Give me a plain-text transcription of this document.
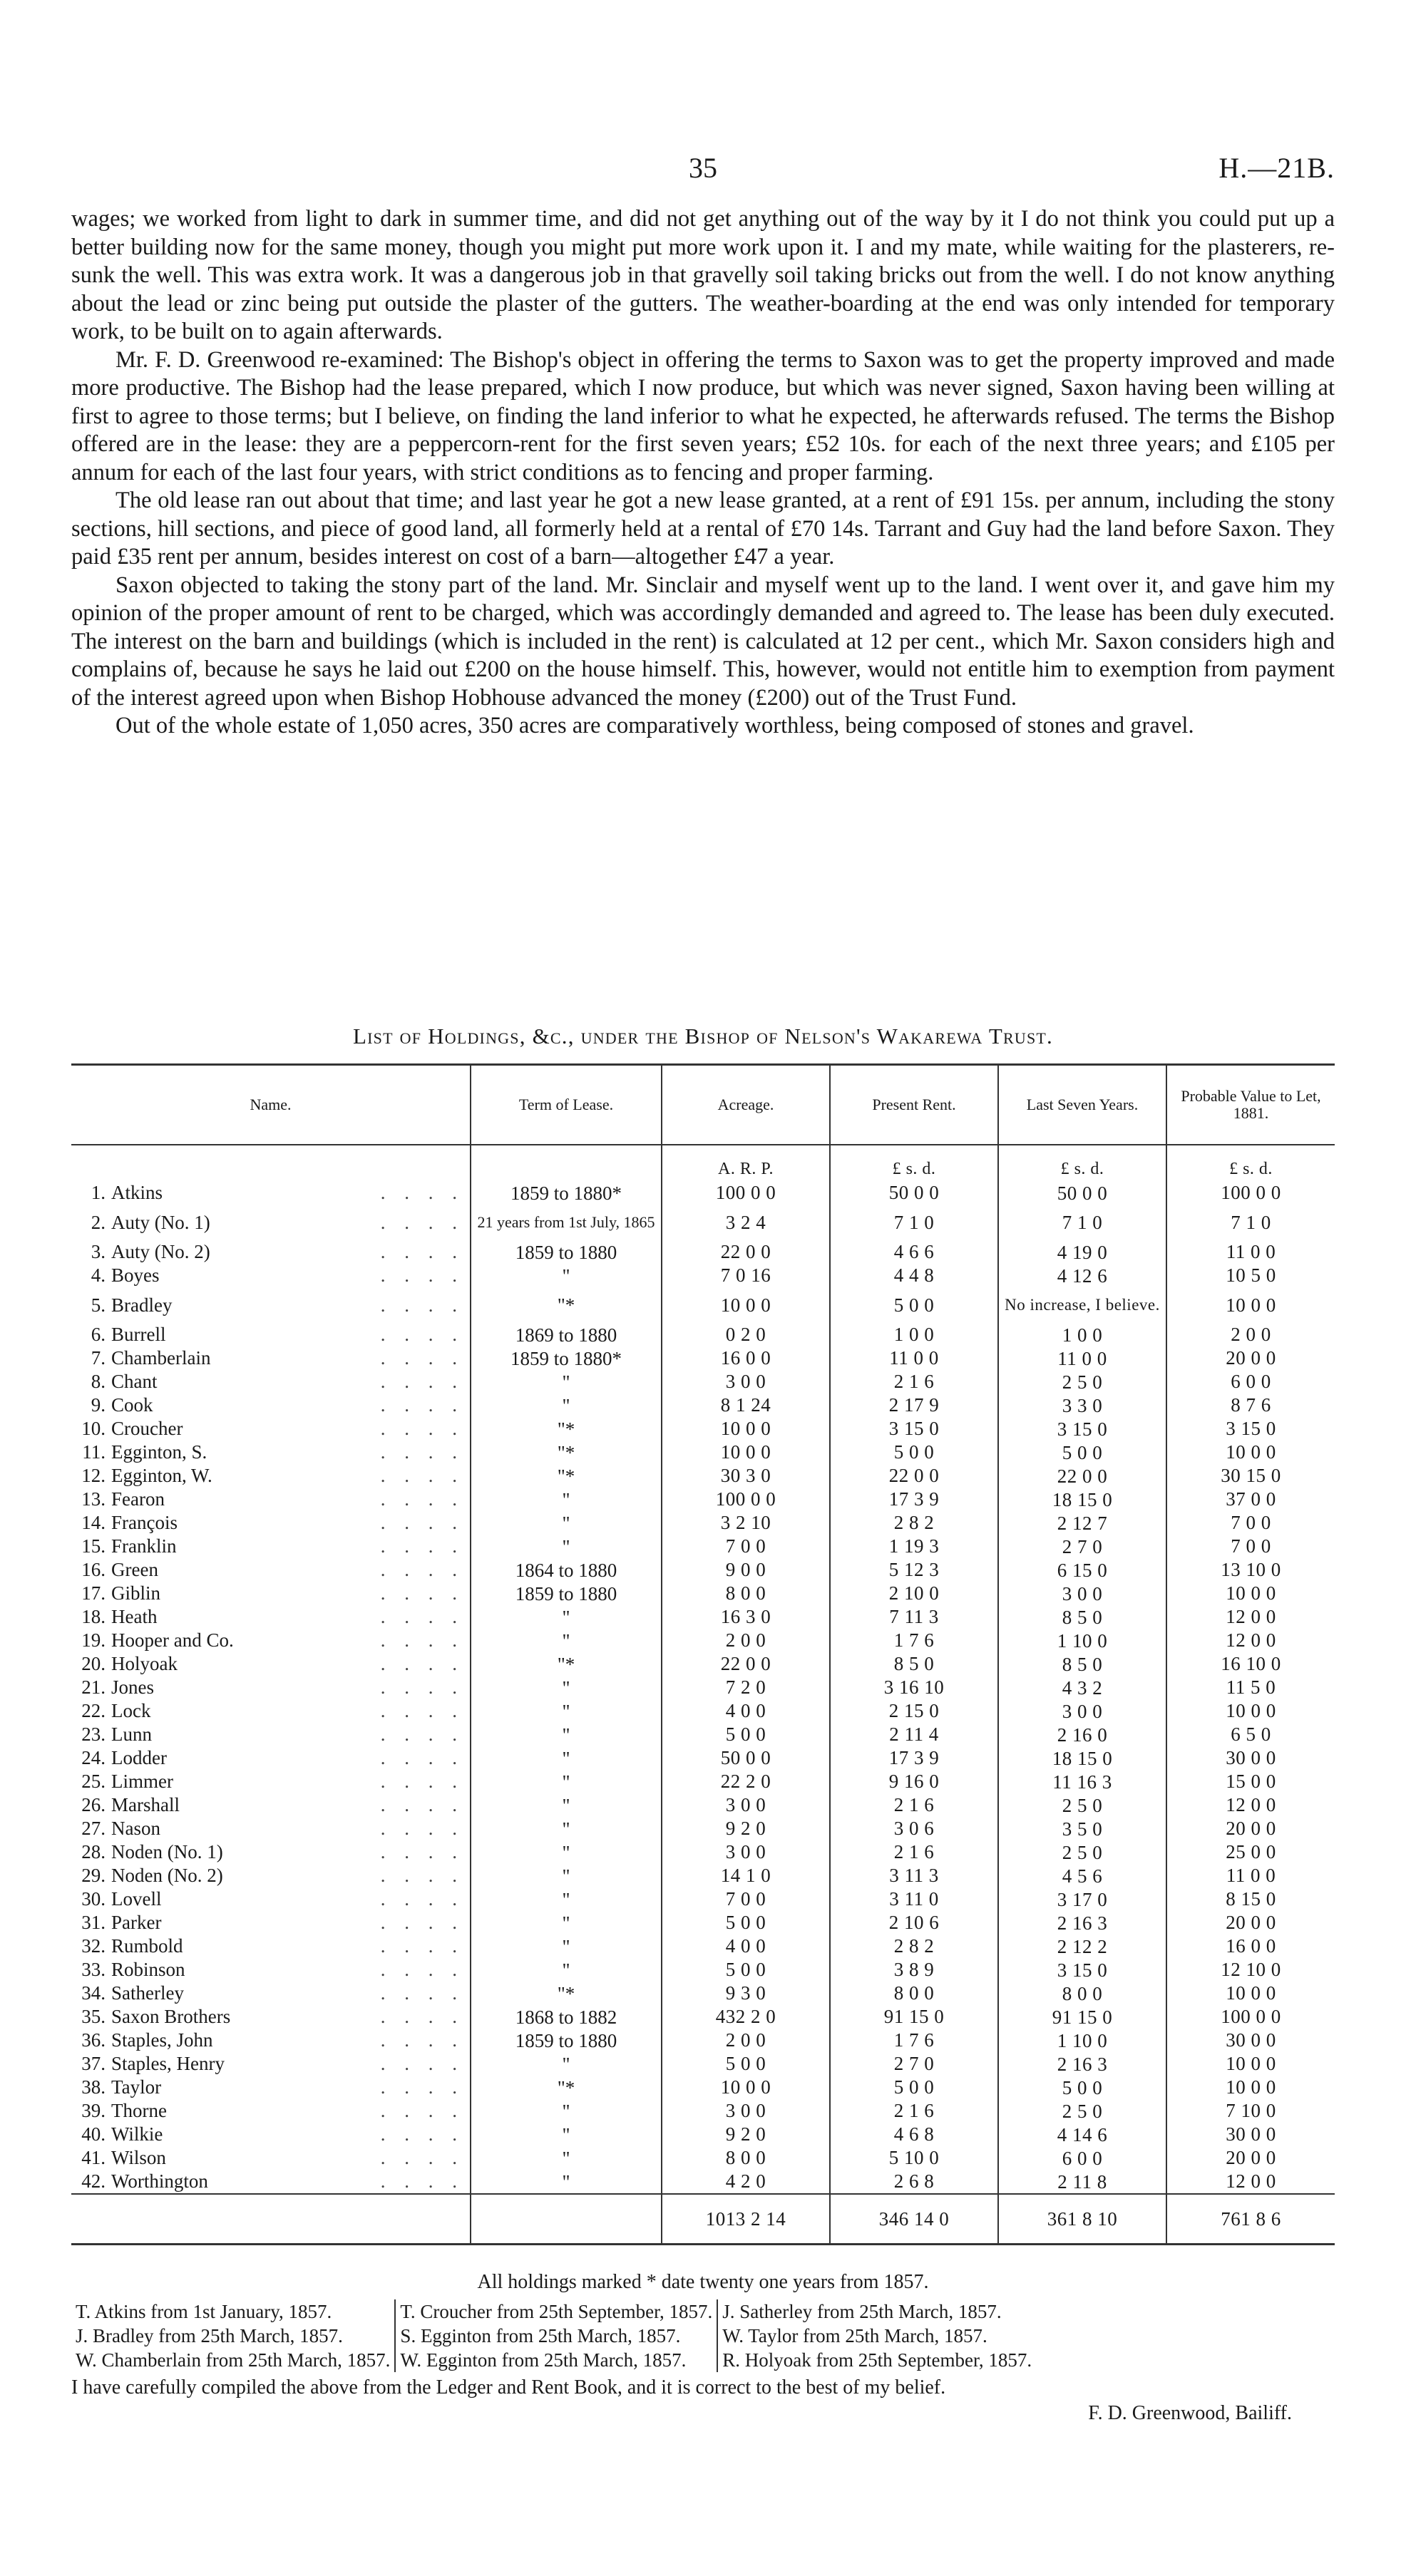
35	H.—21B.

wages; we worked from light to dark in summer time, and did not get anything out of the way by it I do not think you could put up a better building now for the same money, though you might put more work upon it. I and my mate, while waiting for the plasterers, re-sunk the well. This was extra work. It was a dangerous job in that gravelly soil taking bricks out from the well. I do not know anything about the lead or zinc being put outside the plaster of the gutters. The weather-boarding at the end was only intended for temporary work, to be built on to again afterwards.

Mr. F. D. Greenwood re-examined: The Bishop's object in offering the terms to Saxon was to get the property improved and made more productive. The Bishop had the lease prepared, which I now produce, but which was never signed, Saxon having been willing at first to agree to those terms; but I believe, on finding the land inferior to what he expected, he afterwards refused. The terms the Bishop offered are in the lease: they are a peppercorn-rent for the first seven years; £52 10s. for each of the next three years; and £105 per annum for each of the last four years, with strict conditions as to fencing and proper farming.

The old lease ran out about that time; and last year he got a new lease granted, at a rent of £91 15s. per annum, including the stony sections, hill sections, and piece of good land, all formerly held at a rental of £70 14s. Tarrant and Guy had the land before Saxon. They paid £35 rent per annum, besides interest on cost of a barn—altogether £47 a year.

Saxon objected to taking the stony part of the land. Mr. Sinclair and myself went up to the land. I went over it, and gave him my opinion of the proper amount of rent to be charged, which was accordingly demanded and agreed to. The lease has been duly executed. The interest on the barn and buildings (which is included in the rent) is calculated at 12 per cent., which Mr. Saxon considers high and complains of, because he says he laid out £200 on the house himself. This, however, would not entitle him to exemption from payment of the interest agreed upon when Bishop Hobhouse advanced the money (£200) out of the Trust Fund.

Out of the whole estate of 1,050 acres, 350 acres are comparatively worthless, being composed of stones and gravel.

List of Holdings, &c., under the Bishop of Nelson's Wakarewa Trust.
Name.	Term of Lease.	Acreage.	Present Rent.	Last Seven Years.	Probable Value to Let, 1881.
		A. R. P.	£ s. d.	£ s. d.	£ s. d.

1. Atkins . . . .	1859 to 1880*	100 0 0	50 0 0	50 0 0	100 0 0

2. Auty (No. 1) . . . .	21 years from 1st July, 1865	3 2 4	7 1 0	7 1 0	7 1 0

3. Auty (No. 2) . . . .	1859 to 1880	22 0 0	4 6 6	4 19 0	11 0 0

4. Boyes . . . .	"	7 0 16	4 4 8	4 12 6	10 5 0

5. Bradley . . . .	"*	10 0 0	5 0 0	No increase, I believe.	10 0 0

6. Burrell . . . .	1869 to 1880	0 2 0	1 0 0	1 0 0	2 0 0

7. Chamberlain . . . .	1859 to 1880*	16 0 0	11 0 0	11 0 0	20 0 0

8. Chant . . . .	"	3 0 0	2 1 6	2 5 0	6 0 0

9. Cook . . . .	"	8 1 24	2 17 9	3 3 0	8 7 6

10. Croucher . . . .	"*	10 0 0	3 15 0	3 15 0	3 15 0

11. Egginton, S. . . . .	"*	10 0 0	5 0 0	5 0 0	10 0 0

12. Egginton, W. . . . .	"*	30 3 0	22 0 0	22 0 0	30 15 0

13. Fearon . . . .	"	100 0 0	17 3 9	18 15 0	37 0 0

14. François . . . .	"	3 2 10	2 8 2	2 12 7	7 0 0

15. Franklin . . . .	"	7 0 0	1 19 3	2 7 0	7 0 0

16. Green . . . .	1864 to 1880	9 0 0	5 12 3	6 15 0	13 10 0

17. Giblin . . . .	1859 to 1880	8 0 0	2 10 0	3 0 0	10 0 0

18. Heath . . . .	"	16 3 0	7 11 3	8 5 0	12 0 0

19. Hooper and Co. . . . .	"	2 0 0	1 7 6	1 10 0	12 0 0

20. Holyoak . . . .	"*	22 0 0	8 5 0	8 5 0	16 10 0

21. Jones . . . .	"	7 2 0	3 16 10	4 3 2	11 5 0

22. Lock . . . .	"	4 0 0	2 15 0	3 0 0	10 0 0

23. Lunn . . . .	"	5 0 0	2 11 4	2 16 0	6 5 0

24. Lodder . . . .	"	50 0 0	17 3 9	18 15 0	30 0 0

25. Limmer . . . .	"	22 2 0	9 16 0	11 16 3	15 0 0

26. Marshall . . . .	"	3 0 0	2 1 6	2 5 0	12 0 0

27. Nason . . . .	"	9 2 0	3 0 6	3 5 0	20 0 0

28. Noden (No. 1) . . . .	"	3 0 0	2 1 6	2 5 0	25 0 0

29. Noden (No. 2) . . . .	"	14 1 0	3 11 3	4 5 6	11 0 0

30. Lovell . . . .	"	7 0 0	3 11 0	3 17 0	8 15 0

31. Parker . . . .	"	5 0 0	2 10 6	2 16 3	20 0 0

32. Rumbold . . . .	"	4 0 0	2 8 2	2 12 2	16 0 0

33. Robinson . . . .	"	5 0 0	3 8 9	3 15 0	12 10 0

34. Satherley . . . .	"*	9 3 0	8 0 0	8 0 0	10 0 0

35. Saxon Brothers . . . .	1868 to 1882	432 2 0	91 15 0	91 15 0	100 0 0

36. Staples, John . . . .	1859 to 1880	2 0 0	1 7 6	1 10 0	30 0 0

37. Staples, Henry . . . .	"	5 0 0	2 7 0	2 16 3	10 0 0

38. Taylor . . . .	"*	10 0 0	5 0 0	5 0 0	10 0 0

39. Thorne . . . .	"	3 0 0	2 1 6	2 5 0	7 10 0

40. Wilkie . . . .	"	9 2 0	4 6 8	4 14 6	30 0 0

41. Wilson . . . .	"	8 0 0	5 10 0	6 0 0	20 0 0

42. Worthington . . . .	"	4 2 0	2 6 8	2 11 8	12 0 0
		1013 2 14	346 14 0	361 8 10	761 8 6
All holdings marked * date twenty one years from 1857.
T. Atkins from 1st January, 1857.
J. Bradley from 25th March, 1857.
W. Chamberlain from 25th March, 1857.
T. Croucher from 25th September, 1857.
S. Egginton from 25th March, 1857.
W. Egginton from 25th March, 1857.
J. Satherley from 25th March, 1857.
W. Taylor from 25th March, 1857.
R. Holyoak from 25th September, 1857.
I have carefully compiled the above from the Ledger and Rent Book, and it is correct to the best of my belief.
F. D. Greenwood, Bailiff.
